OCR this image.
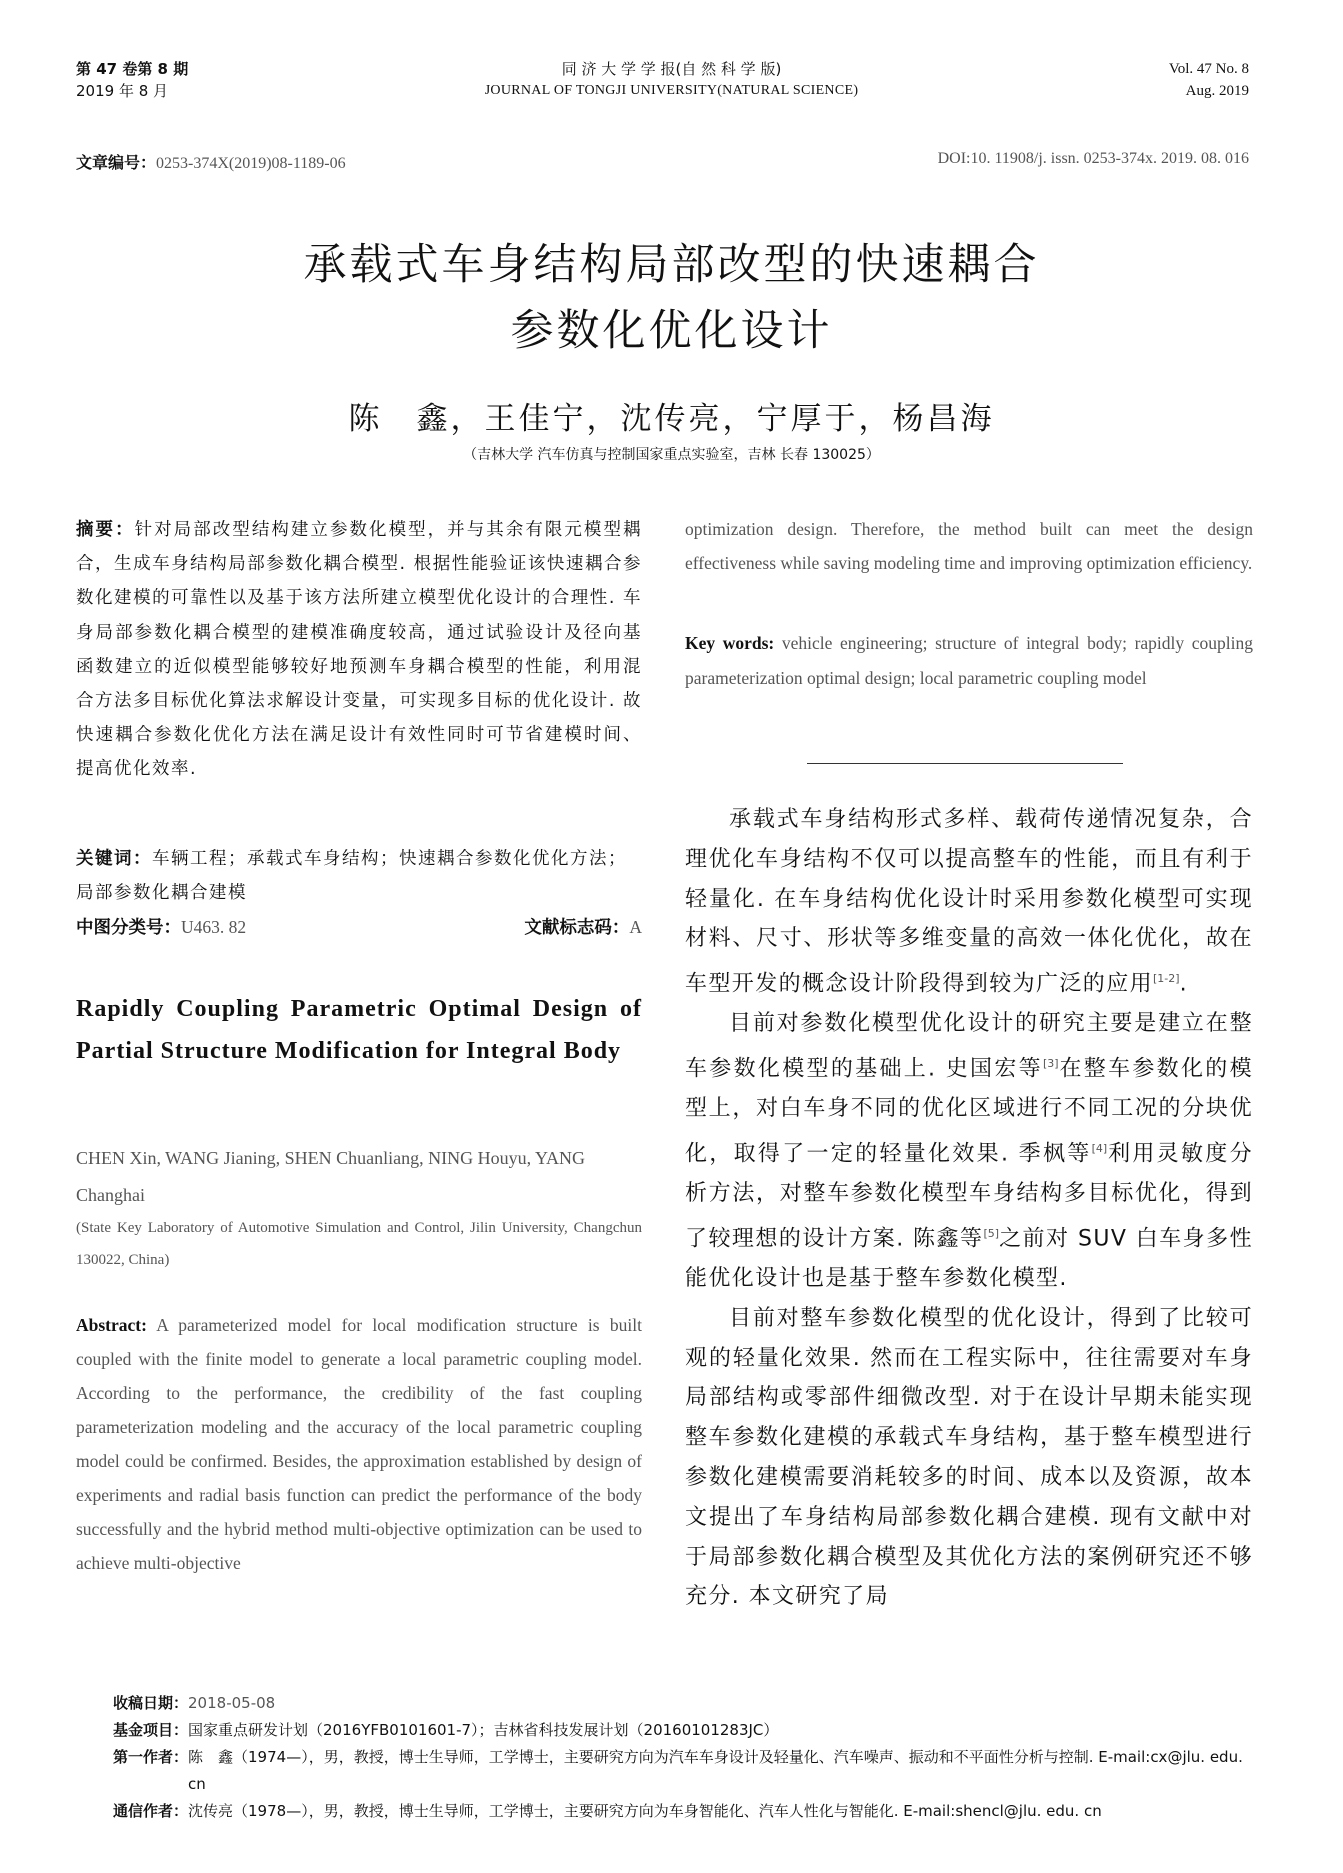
第 47 卷第 8 期
2019 年 8 月
同 济 大 学 学 报(自 然 科 学 版)
JOURNAL OF TONGJI UNIVERSITY(NATURAL SCIENCE)
Vol. 47 No. 8
Aug. 2019
文章编号：0253-374X(2019)08-1189-06	DOI:10. 11908/j. issn. 0253-374x. 2019. 08. 016
承载式车身结构局部改型的快速耦合
参数化优化设计
陈　鑫，王佳宁，沈传亮，宁厚于，杨昌海
（吉林大学 汽车仿真与控制国家重点实验室，吉林 长春 130025）
摘要：针对局部改型结构建立参数化模型，并与其余有限元模型耦合，生成车身结构局部参数化耦合模型. 根据性能验证该快速耦合参数化建模的可靠性以及基于该方法所建立模型优化设计的合理性. 车身局部参数化耦合模型的建模准确度较高，通过试验设计及径向基函数建立的近似模型能够较好地预测车身耦合模型的性能，利用混合方法多目标优化算法求解设计变量，可实现多目标的优化设计. 故快速耦合参数化优化方法在满足设计有效性同时可节省建模时间、提高优化效率.
关键词：车辆工程；承载式车身结构；快速耦合参数化优化方法；局部参数化耦合建模
中图分类号：U463. 82	文献标志码：A
Rapidly Coupling Parametric Optimal Design of Partial Structure Modification for Integral Body
CHEN Xin, WANG Jianing, SHEN Chuanliang, NING Houyu, YANG Changhai
(State Key Laboratory of Automotive Simulation and Control, Jilin University, Changchun 130022, China)
Abstract: A parameterized model for local modification structure is built coupled with the finite model to generate a local parametric coupling model. According to the performance, the credibility of the fast coupling parameterization modeling and the accuracy of the local parametric coupling model could be confirmed. Besides, the approximation established by design of experiments and radial basis function can predict the performance of the body successfully and the hybrid method multi-objective optimization can be used to achieve multi-objective
optimization design. Therefore, the method built can meet the design effectiveness while saving modeling time and improving optimization efficiency.
Key words: vehicle engineering; structure of integral body; rapidly coupling parameterization optimal design; local parametric coupling model

承载式车身结构形式多样、载荷传递情况复杂，合理优化车身结构不仅可以提高整车的性能，而且有利于轻量化. 在车身结构优化设计时采用参数化模型可实现材料、尺寸、形状等多维变量的高效一体化优化，故在车型开发的概念设计阶段得到较为广泛的应用[1-2].

目前对参数化模型优化设计的研究主要是建立在整车参数化模型的基础上. 史国宏等[3]在整车参数化的模型上，对白车身不同的优化区域进行不同工况的分块优化，取得了一定的轻量化效果. 季枫等[4]利用灵敏度分析方法，对整车参数化模型车身结构多目标优化，得到了较理想的设计方案. 陈鑫等[5]之前对 SUV 白车身多性能优化设计也是基于整车参数化模型.

目前对整车参数化模型的优化设计，得到了比较可观的轻量化效果. 然而在工程实际中，往往需要对车身局部结构或零部件细微改型. 对于在设计早期未能实现整车参数化建模的承载式车身结构，基于整车模型进行参数化建模需要消耗较多的时间、成本以及资源，故本文提出了车身结构局部参数化耦合建模. 现有文献中对于局部参数化耦合模型及其优化方法的案例研究还不够充分. 本文研究了局

收稿日期： 2018-05-08
基金项目： 国家重点研发计划（2016YFB0101601-7）；吉林省科技发展计划（20160101283JC）
第一作者： 陈　鑫（1974—），男，教授，博士生导师，工学博士，主要研究方向为汽车车身设计及轻量化、汽车噪声、振动和不平面性分析与控制. E-mail:cx@jlu. edu. cn
通信作者： 沈传亮（1978—），男，教授，博士生导师，工学博士，主要研究方向为车身智能化、汽车人性化与智能化. E-mail:shencl@jlu. edu. cn
